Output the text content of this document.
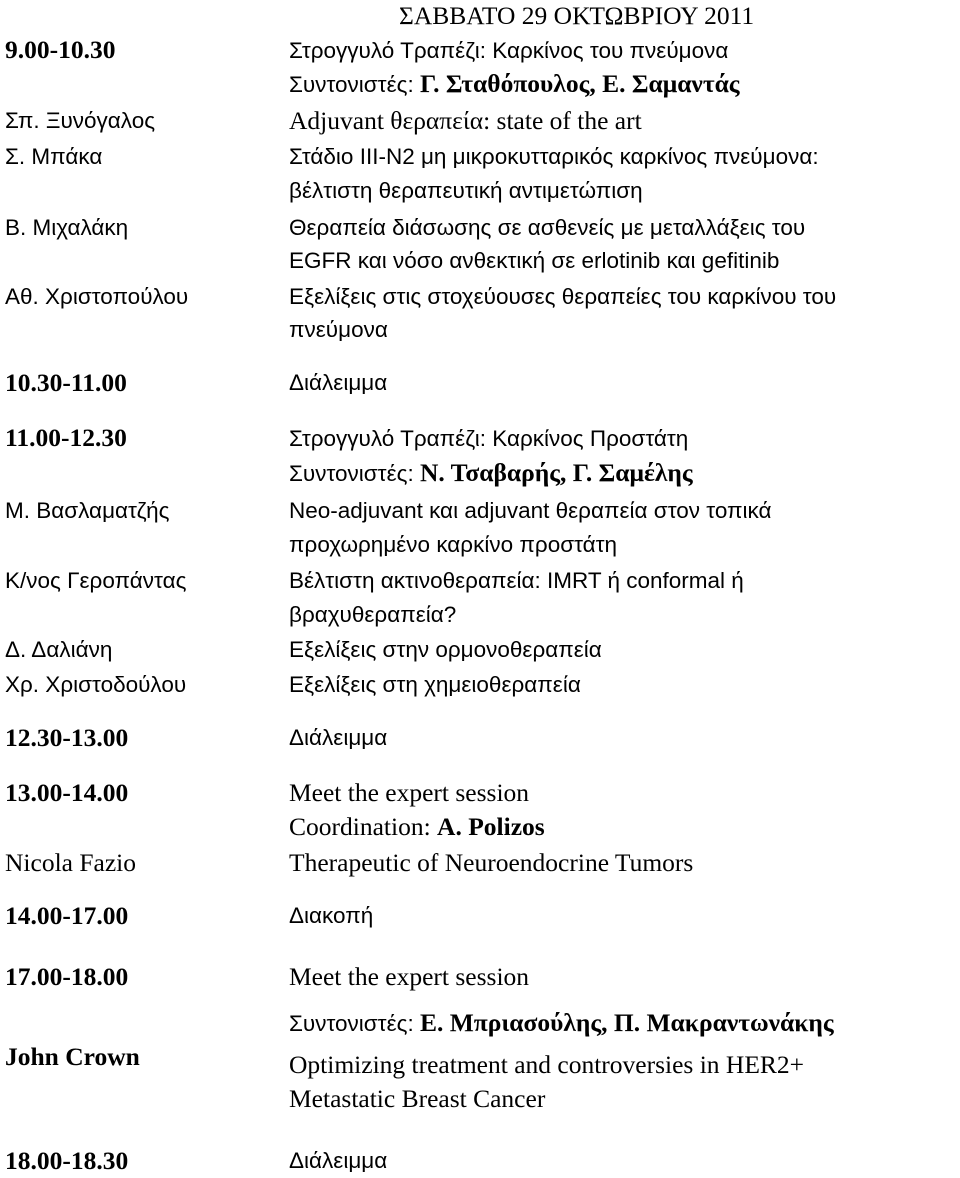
ΣΑΒΒΑΤΟ 29 ΟΚΤΩΒΡΙΟΥ 2011
9.00-10.30	Στρογγυλό Τραπέζι: Καρκίνος του πνεύμονα
Συντονιστές: Γ. Σταθόπουλος, Ε. Σαμαντάς
Σπ. Ξυνόγαλος	Adjuvant θεραπεία: state of the art
Σ. Μπάκα	Στάδιο ΙΙΙ-Ν2 μη μικροκυτταρικός καρκίνος πνεύμονα:
βέλτιστη θεραπευτική αντιμετώπιση
Β. Μιχαλάκη	Θεραπεία διάσωσης σε ασθενείς με μεταλλάξεις του
EGFR και νόσο ανθεκτική σε erlotinib και gefitinib
Αθ. Χριστοπούλου	Εξελίξεις στις στοχεύουσες θεραπείες του καρκίνου του
πνεύμονα
10.30-11.00	Διάλειμμα
11.00-12.30	Στρογγυλό Τραπέζι: Καρκίνος Προστάτη
Συντονιστές: Ν. Τσαβαρής, Γ. Σαμέλης
Μ. Βασλαματζής	Neo-adjuvant και adjuvant θεραπεία στον τοπικά
προχωρημένο καρκίνο προστάτη
Κ/νος Γεροπάντας	Βέλτιστη ακτινοθεραπεία: IMRT ή conformal ή
βραχυθεραπεία?
Δ. Δαλιάνη	Εξελίξεις στην ορμονοθεραπεία
Χρ. Χριστοδούλου	Εξελίξεις στη χημειοθεραπεία
12.30-13.00	Διάλειμμα
13.00-14.00	Meet the expert session
Coordination: A. Polizos
Nicola Fazio	Therapeutic of Neuroendocrine Tumors
14.00-17.00	Διακοπή
17.00-18.00	Meet the expert session
Συντονιστές: Ε. Μπριασούλης, Π. Μακραντωνάκης
John Crown	Optimizing treatment and controversies in HER2+
Metastatic Breast Cancer
18.00-18.30	Διάλειμμα
